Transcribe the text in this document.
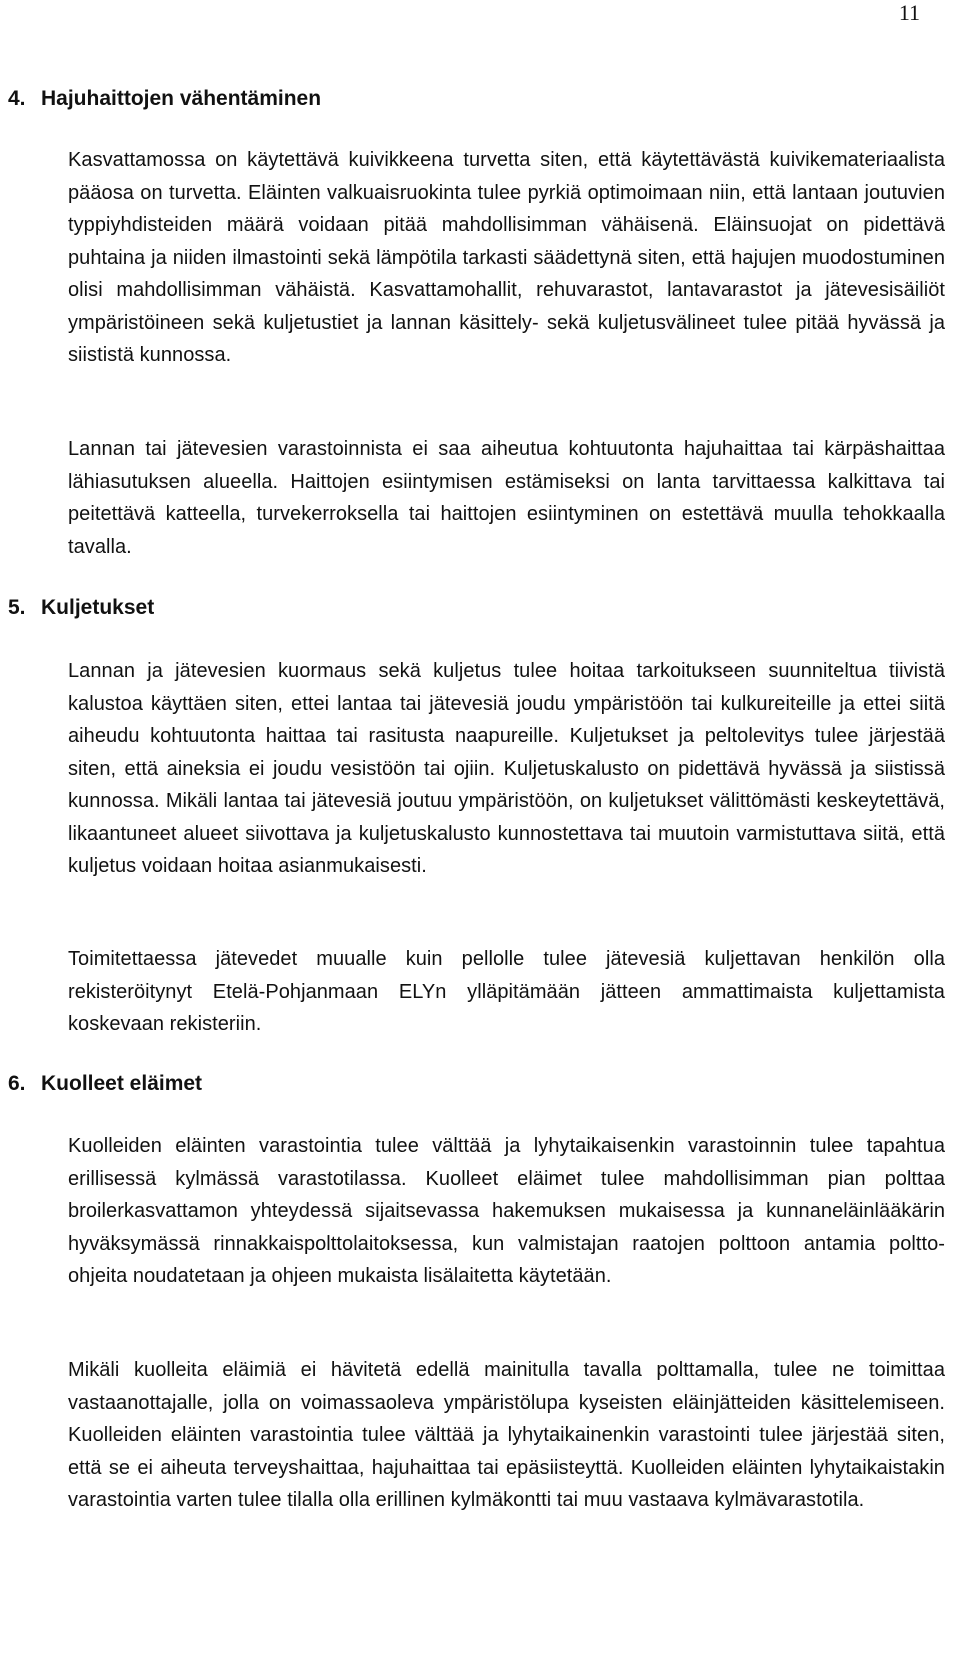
11
4. Hajuhaittojen vähentäminen

Kasvattamossa on käytettävä kuivikkeena turvetta siten, että käytettävästä kuivikemateriaalista pääosa on turvetta. Eläinten valkuaisruokinta tulee pyrkiä optimoimaan niin, että lantaan joutuvien typpiyhdisteiden määrä voidaan pitää mahdollisimman vähäisenä. Eläinsuojat on pidettävä puhtaina ja niiden ilmastointi sekä lämpötila tarkasti säädettynä siten, että hajujen muodostuminen olisi mahdollisimman vähäistä. Kasvattamohallit, rehuvarastot, lantavarastot ja jätevesisäiliöt ympäristöineen sekä kuljetustiet ja lannan käsittely- sekä kuljetusvälineet tulee pitää hyvässä ja siististä kunnossa.

Lannan tai jätevesien varastoinnista ei saa aiheutua kohtuutonta hajuhaittaa tai kärpäshaittaa lähiasutuksen alueella. Haittojen esiintymisen estämiseksi on lanta tarvittaessa kalkittava tai peitettävä katteella, turvekerroksella tai haittojen esiintyminen on estettävä muulla tehokkaalla tavalla.

5. Kuljetukset

Lannan ja jätevesien kuormaus sekä kuljetus tulee hoitaa tarkoitukseen suunniteltua tiivistä kalustoa käyttäen siten, ettei lantaa tai jätevesiä joudu ympäristöön tai kulkureiteille ja ettei siitä aiheudu kohtuutonta haittaa tai rasitusta naapureille. Kuljetukset ja peltolevitys tulee järjestää siten, että aineksia ei joudu vesistöön tai ojiin. Kuljetuskalusto on pidettävä hyvässä ja siistissä kunnossa. Mikäli lantaa tai jätevesiä joutuu ympäristöön, on kuljetukset välittömästi keskeytettävä, likaantuneet alueet siivottava ja kuljetuskalusto kunnostettava tai muutoin varmistuttava siitä, että kuljetus voidaan hoitaa asianmukaisesti.

Toimitettaessa jätevedet muualle kuin pellolle tulee jätevesiä kuljettavan henkilön olla rekisteröitynyt Etelä-Pohjanmaan ELYn ylläpitämään jätteen ammattimaista kuljettamista koskevaan rekisteriin.

6. Kuolleet eläimet

Kuolleiden eläinten varastointia tulee välttää ja lyhytaikaisenkin varastoinnin tulee tapahtua erillisessä kylmässä varastotilassa. Kuolleet eläimet tulee mahdollisimman pian polttaa broilerkasvattamon yhteydessä sijaitsevassa hakemuksen mukaisessa ja kunnaneläinlääkärin hyväksymässä rinnakkaispolttolaitoksessa, kun valmistajan raatojen polttoon antamia poltto-ohjeita noudatetaan ja ohjeen mukaista lisälaitetta käytetään.

Mikäli kuolleita eläimiä ei hävitetä edellä mainitulla tavalla polttamalla, tulee ne toimittaa vastaanottajalle, jolla on voimassaoleva ympäristölupa kyseisten eläinjätteiden käsittelemiseen. Kuolleiden eläinten varastointia tulee välttää ja lyhytaikainenkin varastointi tulee järjestää siten, että se ei aiheuta terveyshaittaa, hajuhaittaa tai epäsiisteyttä. Kuolleiden eläinten lyhytaikaistakin varastointia varten tulee tilalla olla erillinen kylmäkontti tai muu vastaava kylmävarastotila.
